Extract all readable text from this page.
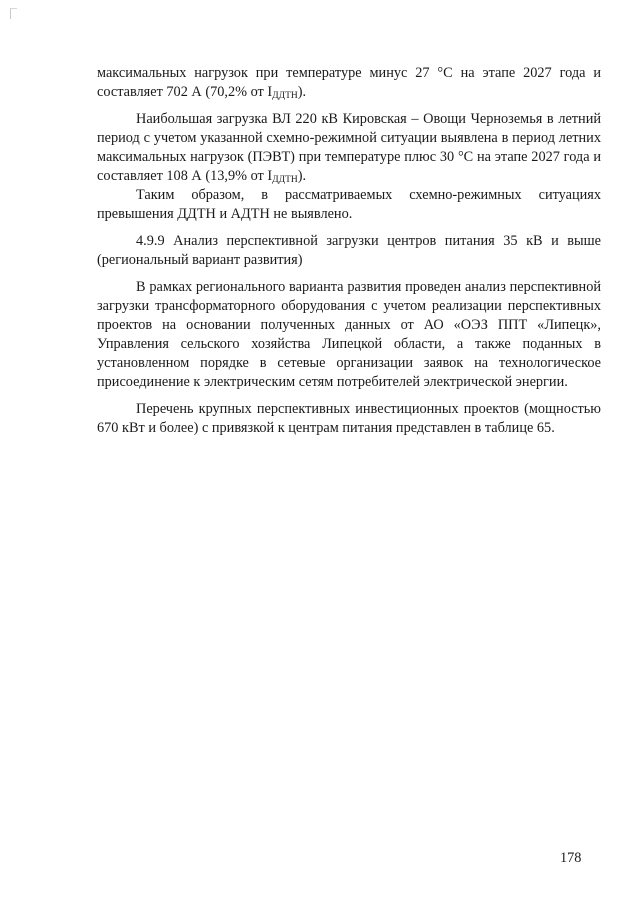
максимальных нагрузок при температуре минус 27 °С на этапе 2027 года и составляет 702 А (70,2% от $I_{ДДТН}$).

Наибольшая загрузка ВЛ 220 кВ Кировская – Овощи Черноземья в летний период с учетом указанной схемно-режимной ситуации выявлена в период летних максимальных нагрузок (ПЭВТ) при температуре плюс 30 °С на этапе 2027 года и составляет 108 А (13,9% от $I_{ДДТН}$).

Таким образом, в рассматриваемых схемно-режимных ситуациях превышения ДДТН и АДТН не выявлено.

4.9.9 Анализ перспективной загрузки центров питания 35 кВ и выше (региональный вариант развития)

В рамках регионального варианта развития проведен анализ перспективной загрузки трансформаторного оборудования с учетом реализации перспективных проектов на основании полученных данных от АО «ОЭЗ ППТ «Липецк», Управления сельского хозяйства Липецкой области, а также поданных в установленном порядке в сетевые организации заявок на технологическое присоединение к электрическим сетям потребителей электрической энергии.

Перечень крупных перспективных инвестиционных проектов (мощностью 670 кВт и более) с привязкой к центрам питания представлен в таблице 65.

178
